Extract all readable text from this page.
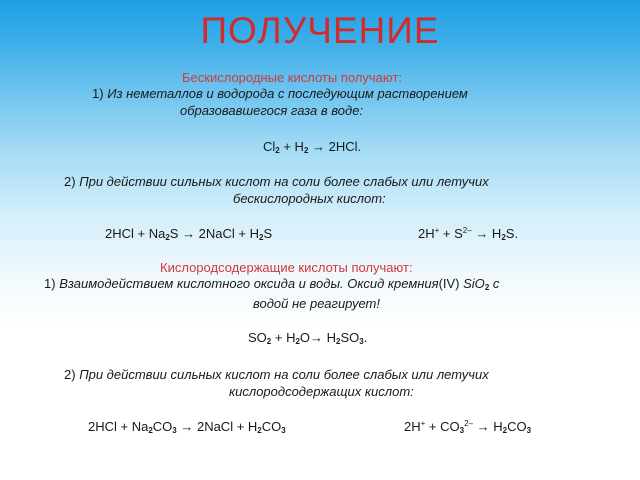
ПОЛУЧЕНИЕ
Бескислородные кислоты получают:
1) Из неметаллов и водорода с последующим растворением
образовавшегося газа в воде:
$Cl_2 + H_2 \to 2HCl$.
2) При действии сильных кислот на соли более слабых или летучих
бескислородных кислот:
$2HCl + Na_2S$ → 2NaCl + $H_2S$	$2H^+ + S^{2-} \to H_2S$.
Кислородсодержащие кислоты получают:
1) Взаимодействием кислотного оксида и воды. Оксид кремния(IV) SiO$_2$ с
водой не реагирует!
$SO_2 + H_2O\to H_2SO_3$.
2) При действии сильных кислот на соли более слабых или летучих
кислородсодержащих кислот:
$2HCl + Na_2CO_3$ → 2NaCl + $H_2CO_3$	$2H^+ + CO_3^{2-} \to H_2CO_3$
